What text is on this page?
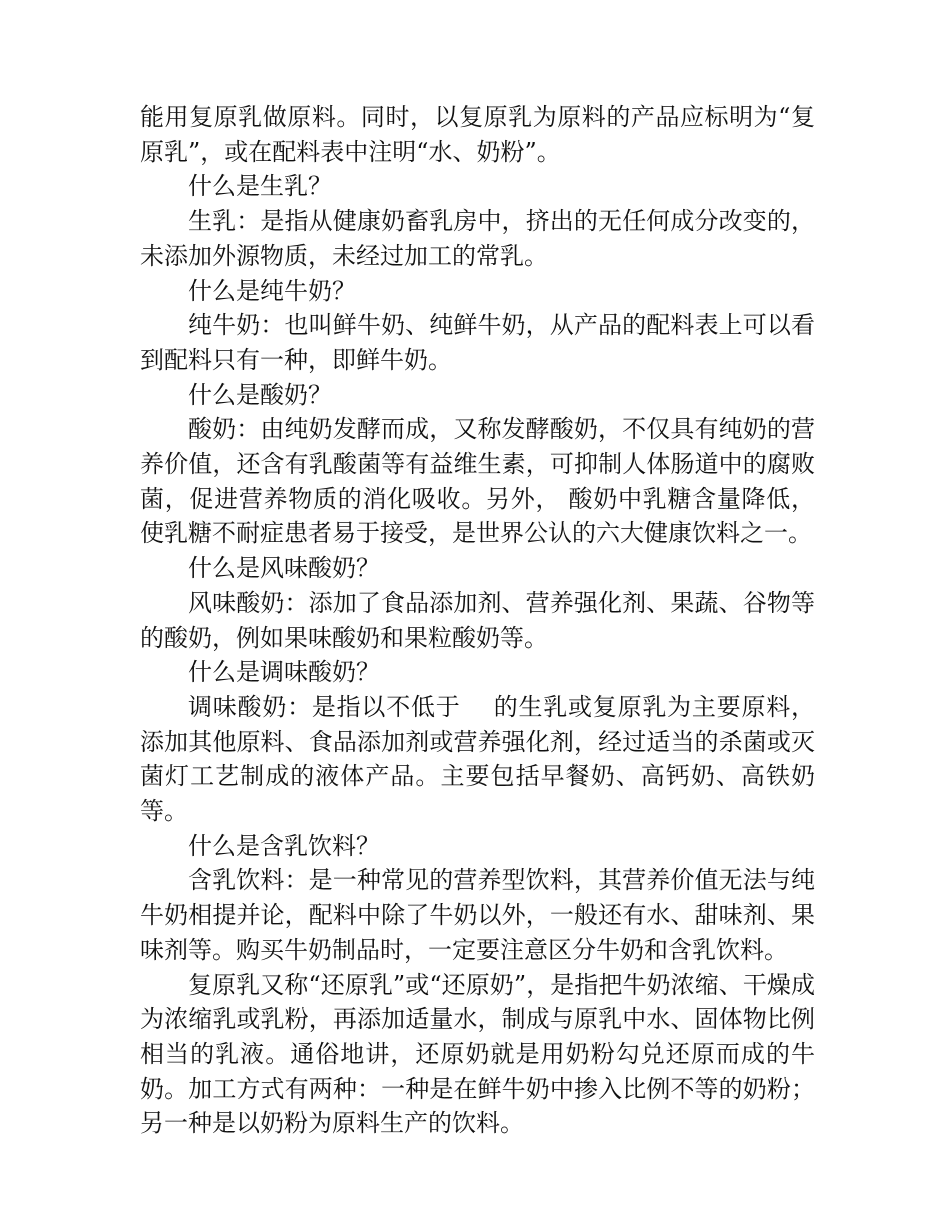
能用复原乳做原料。同时，以复原乳为原料的产品应标明为“复原乳”，或在配料表中注明“水、奶粉”。

什么是生乳？

生乳：是指从健康奶畜乳房中，挤出的无任何成分改变的，未添加外源物质，未经过加工的常乳。

什么是纯牛奶？

纯牛奶：也叫鲜牛奶、纯鲜牛奶，从产品的配料表上可以看到配料只有一种，即鲜牛奶。

什么是酸奶？

酸奶：由纯奶发酵而成，又称发酵酸奶，不仅具有纯奶的营养价值，还含有乳酸菌等有益维生素，可抑制人体肠道中的腐败菌，促进营养物质的消化吸收。另外， 酸奶中乳糖含量降低，使乳糖不耐症患者易于接受，是世界公认的六大健康饮料之一。

什么是风味酸奶？

风味酸奶：添加了食品添加剂、营养强化剂、果蔬、谷物等的酸奶，例如果味酸奶和果粒酸奶等。

什么是调味酸奶？

调味酸奶：是指以不低于　 的生乳或复原乳为主要原料，添加其他原料、食品添加剂或营养强化剂，经过适当的杀菌或灭菌灯工艺制成的液体产品。主要包括早餐奶、高钙奶、高铁奶等。

什么是含乳饮料？

含乳饮料：是一种常见的营养型饮料，其营养价值无法与纯牛奶相提并论，配料中除了牛奶以外，一般还有水、甜味剂、果味剂等。购买牛奶制品时，一定要注意区分牛奶和含乳饮料。

复原乳又称“还原乳”或“还原奶”，是指把牛奶浓缩、干燥成为浓缩乳或乳粉，再添加适量水，制成与原乳中水、固体物比例相当的乳液。通俗地讲，还原奶就是用奶粉勾兑还原而成的牛奶。加工方式有两种：一种是在鲜牛奶中掺入比例不等的奶粉；另一种是以奶粉为原料生产的饮料。
